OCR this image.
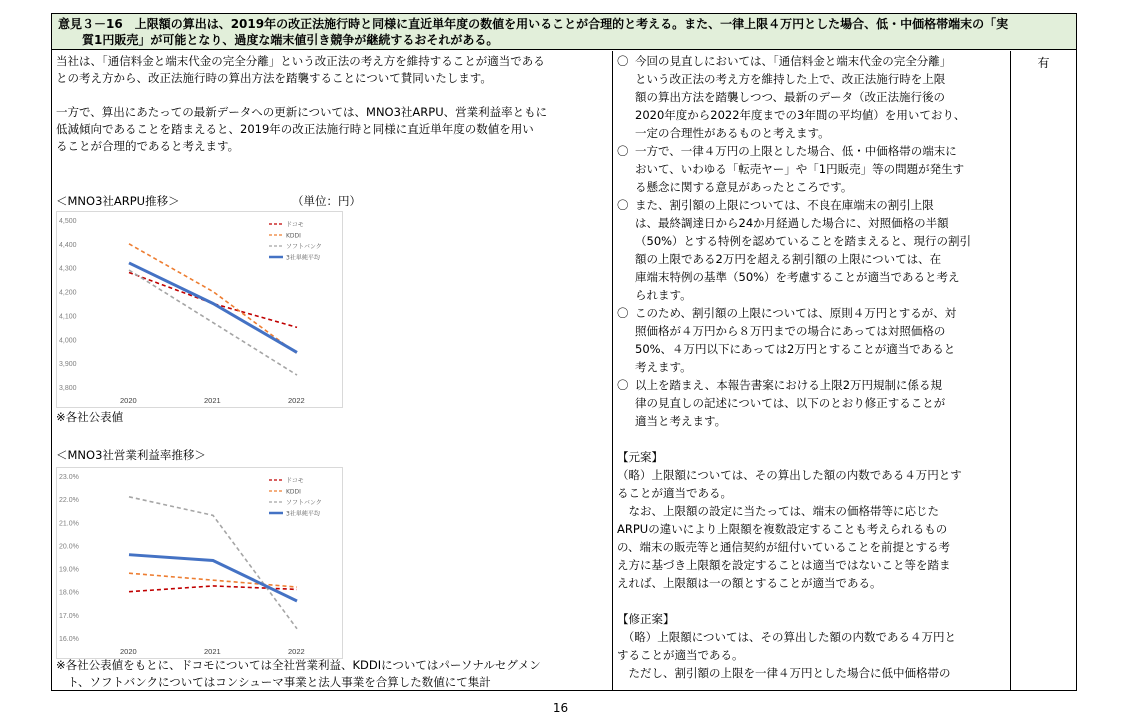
意見３－16　上限額の算出は、2019年の改正法施行時と同様に直近単年度の数値を用いることが合理的と考える。また、一律上限４万円とした場合、低・中価格帯端末の「実

　　質1円販売」が可能となり、過度な端末値引き競争が継続するおそれがある。

当社は、「通信料金と端末代金の完全分離」という改正法の考え方を維持することが適当である

との考え方から、改正法施行時の算出方法を踏襲することについて賛同いたします。

一方で、算出にあたっての最新データへの更新については、MNO3社ARPU、営業利益率ともに

低減傾向であることを踏まえると、2019年の改正法施行時と同様に直近単年度の数値を用い

ることが合理的であると考えます。

＜MNO3社ARPU推移＞	（単位：円）
3,800
3,900
4,000
4,100
4,200
4,300
4,400
4,500
2020	2021	2022
ドコモ
KDDI
ソフトバンク
3社単純平均
※各社公表値
＜MNO3社営業利益率推移＞
16.0%
17.0%
18.0%
19.0%
20.0%
21.0%
22.0%
23.0%
2020	2021	2022
ドコモ
KDDI
ソフトバンク
3社単純平均
※各社公表値をもとに、ドコモについては全社営業利益、KDDIについてはパーソナルセグメン
　ト、ソフトバンクについてはコンシューマ事業と法人事業を合算した数値にて集計
〇 今回の見直しにおいては、「通信料金と端末代金の完全分離」
という改正法の考え方を維持した上で、改正法施行時を上限
額の算出方法を踏襲しつつ、最新のデータ（改正法施行後の
2020年度から2022年度までの3年間の平均値）を用いており、
一定の合理性があるものと考えます。
〇 一方で、一律４万円の上限とした場合、低・中価格帯の端末に
おいて、いわゆる「転売ヤー」や「1円販売」等の問題が発生す
る懸念に関する意見があったところです。
〇 また、割引額の上限については、不良在庫端末の割引上限
は、最終調達日から24か月経過した場合に、対照価格の半額
（50%）とする特例を認めていることを踏まえると、現行の割引
額の上限である2万円を超える割引額の上限については、在
庫端末特例の基準（50%）を考慮することが適当であると考え
られます。
〇 このため、割引額の上限については、原則４万円とするが、対
照価格が４万円から８万円までの場合にあっては対照価格の
50%、４万円以下にあっては2万円とすることが適当であると
考えます。
〇 以上を踏まえ、本報告書案における上限2万円規制に係る規
律の見直しの記述については、以下のとおり修正することが
適当と考えます。
【元案】
（略）上限額については、その算出した額の内数である４万円とす
ることが適当である。
　なお、上限額の設定に当たっては、端末の価格帯等に応じた
ARPUの違いにより上限額を複数設定することも考えられるもの
の、端末の販売等と通信契約が紐付いていることを前提とする考
え方に基づき上限額を設定することは適当ではないこと等を踏ま
えれば、上限額は一の額とすることが適当である。
【修正案】
　（略）上限額については、その算出した額の内数である４万円と
することが適当である。
　ただし、割引額の上限を一律４万円とした場合に低中価格帯の
有
16
